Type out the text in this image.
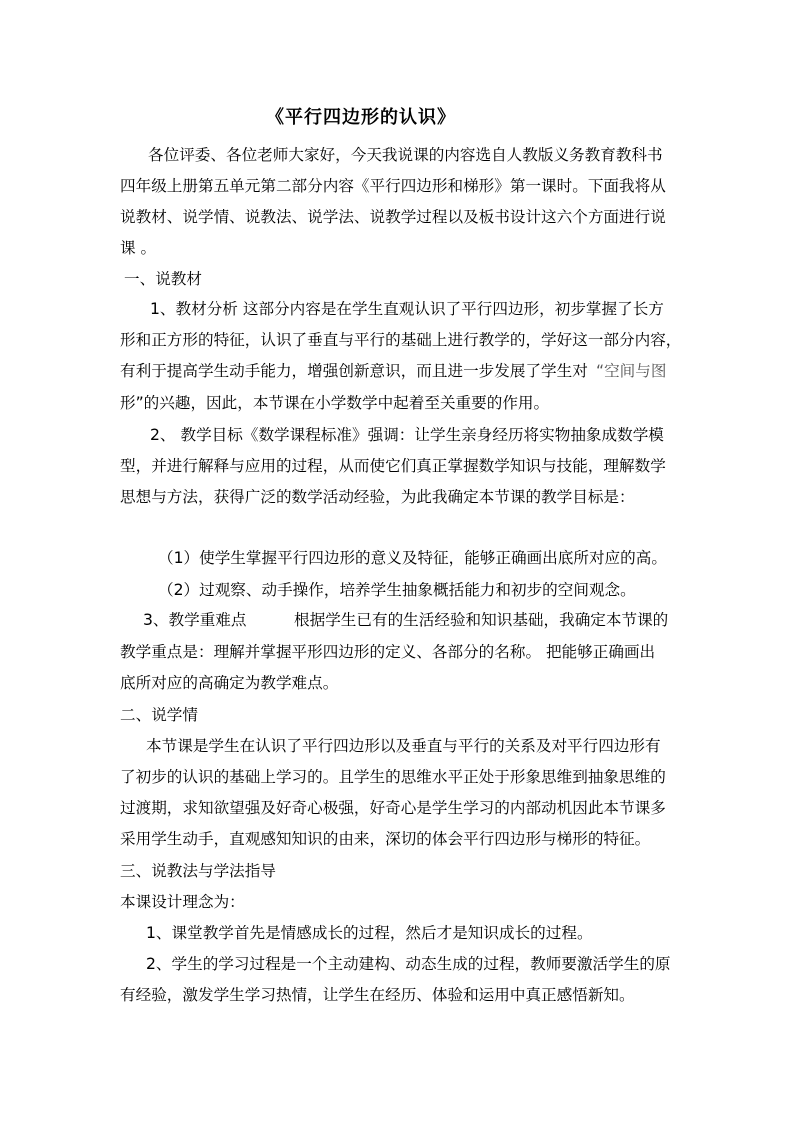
《平行四边形的认识》
各位评委、各位老师大家好，今天我说课的内容选自人教版义务教育教科书
四年级上册第五单元第二部分内容《平行四边形和梯形》第一课时。下面我将从
说教材、说学情、说教法、说学法、说教学过程以及板书设计这六个方面进行说
课 。
一、说教材
1、教材分析 这部分内容是在学生直观认识了平行四边形，初步掌握了长方
形和正方形的特征，认识了垂直与平行的基础上进行教学的，学好这一部分内容，
有利于提高学生动手能力，增强创新意识，而且进一步发展了学生对 “空间与图
形”的兴趣，因此，本节课在小学数学中起着至关重要的作用。
2、 教学目标《数学课程标准》强调：让学生亲身经历将实物抽象成数学模
型，并进行解释与应用的过程，从而使它们真正掌握数学知识与技能，理解数学
思想与方法，获得广泛的数学活动经验，为此我确定本节课的教学目标是：
（1）使学生掌握平行四边形的意义及特征，能够正确画出底所对应的高。
（2）过观察、动手操作，培养学生抽象概括能力和初步的空间观念。
3、教学重难点	根据学生已有的生活经验和知识基础，我确定本节课的
教学重点是：理解并掌握平形四边形的定义、各部分的名称。 把能够正确画出
底所对应的高确定为教学难点。
二、说学情
本节课是学生在认识了平行四边形以及垂直与平行的关系及对平行四边形有
了初步的认识的基础上学习的。且学生的思维水平正处于形象思维到抽象思维的
过渡期，求知欲望强及好奇心极强，好奇心是学生学习的内部动机因此本节课多
采用学生动手，直观感知知识的由来，深切的体会平行四边形与梯形的特征。
三、说教法与学法指导
本课设计理念为：
1、课堂教学首先是情感成长的过程，然后才是知识成长的过程。
2、学生的学习过程是一个主动建构、动态生成的过程，教师要激活学生的原
有经验，激发学生学习热情，让学生在经历、体验和运用中真正感悟新知。
